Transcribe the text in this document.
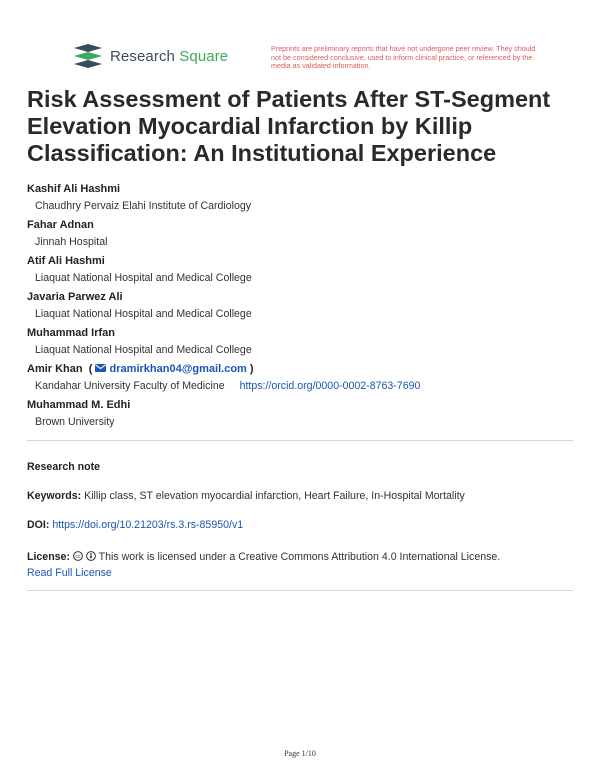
Research Square	Preprints are preliminary reports that have not undergone peer review. They should not be considered conclusive, used to inform clinical practice, or referenced by the media as validated information.
Risk Assessment of Patients After ST-Segment Elevation Myocardial Infarction by Killip Classification: An Institutional Experience
Kashif Ali Hashmi
Chaudhry Pervaiz Elahi Institute of Cardiology
Fahar Adnan
Jinnah Hospital
Atif Ali Hashmi
Liaquat National Hospital and Medical College
Javaria Parwez Ali
Liaquat National Hospital and Medical College
Muhammad Irfan
Liaquat National Hospital and Medical College
Amir Khan ( dramirkhan04@gmail.com )
Kandahar University Faculty of Medicine https://orcid.org/0000-0002-8763-7690
Muhammad M. Edhi
Brown University
Research note
Keywords: Killip class, ST elevation myocardial infarction, Heart Failure, In-Hospital Mortality
DOI: https://doi.org/10.21203/rs.3.rs-85950/v1
License: cc This work is licensed under a Creative Commons Attribution 4.0 International License.
Read Full License
Page 1/10
